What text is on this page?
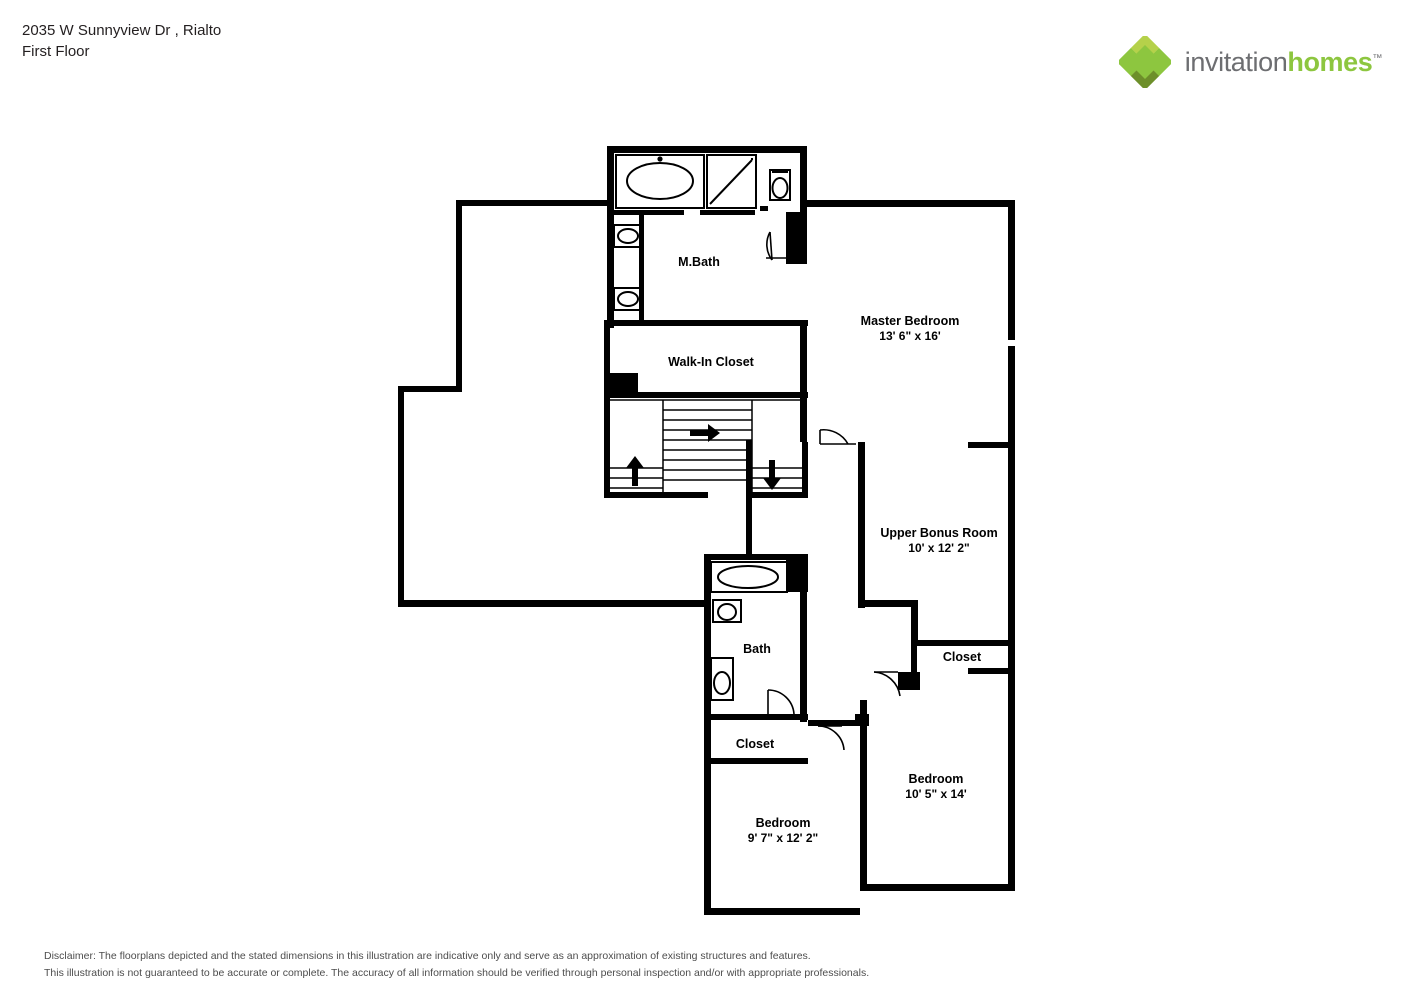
2035 W Sunnyview Dr , Rialto
First Floor	invitationhomes™
M.Bath
Master Bedroom
13' 6" x 16'
Walk-In Closet
Upper Bonus Room
10' x 12' 2"
Bath
Closet
Closet
Bedroom
10' 5" x 14'
Bedroom
9' 7" x 12' 2"
Disclaimer: The floorplans depicted and the stated dimensions in this illustration are indicative only and serve as an approximation of existing structures and features.
This illustration is not guaranteed to be accurate or complete. The accuracy of all information should be verified through personal inspection and/or with appropriate professionals.
